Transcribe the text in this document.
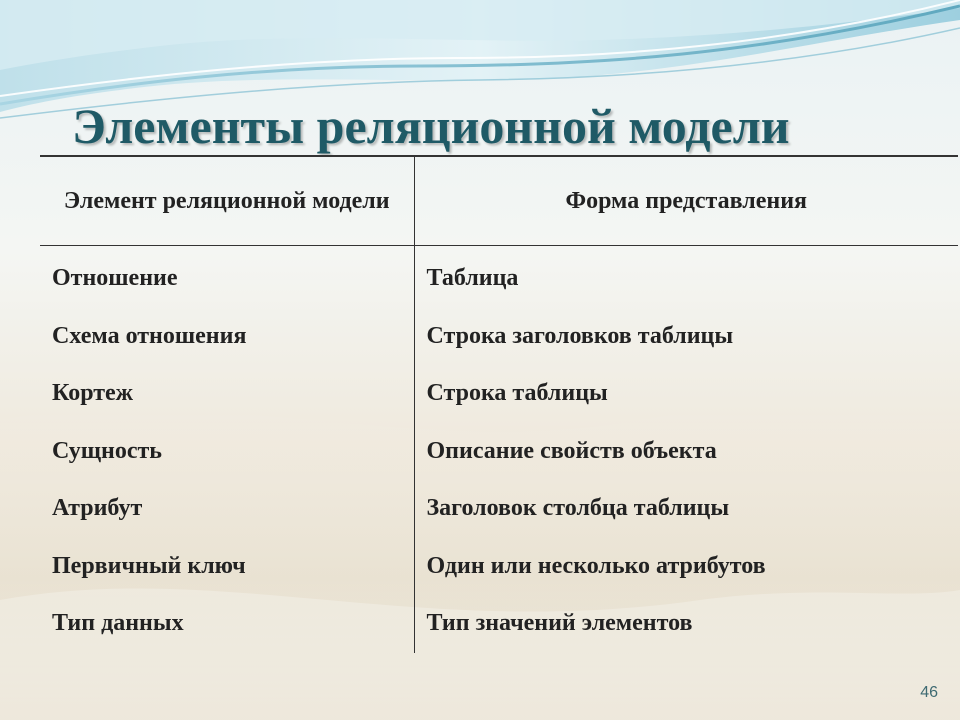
Элементы реляционной модели
Элемент реляционной модели	Форма представления
Отношение	Таблица
Схема отношения	Строка заголовков таблицы
Кортеж	Строка таблицы
Сущность	Описание свойств объекта
Атрибут	Заголовок столбца таблицы
Первичный ключ	Один или несколько атрибутов
Тип данных	Тип значений элементов
46
